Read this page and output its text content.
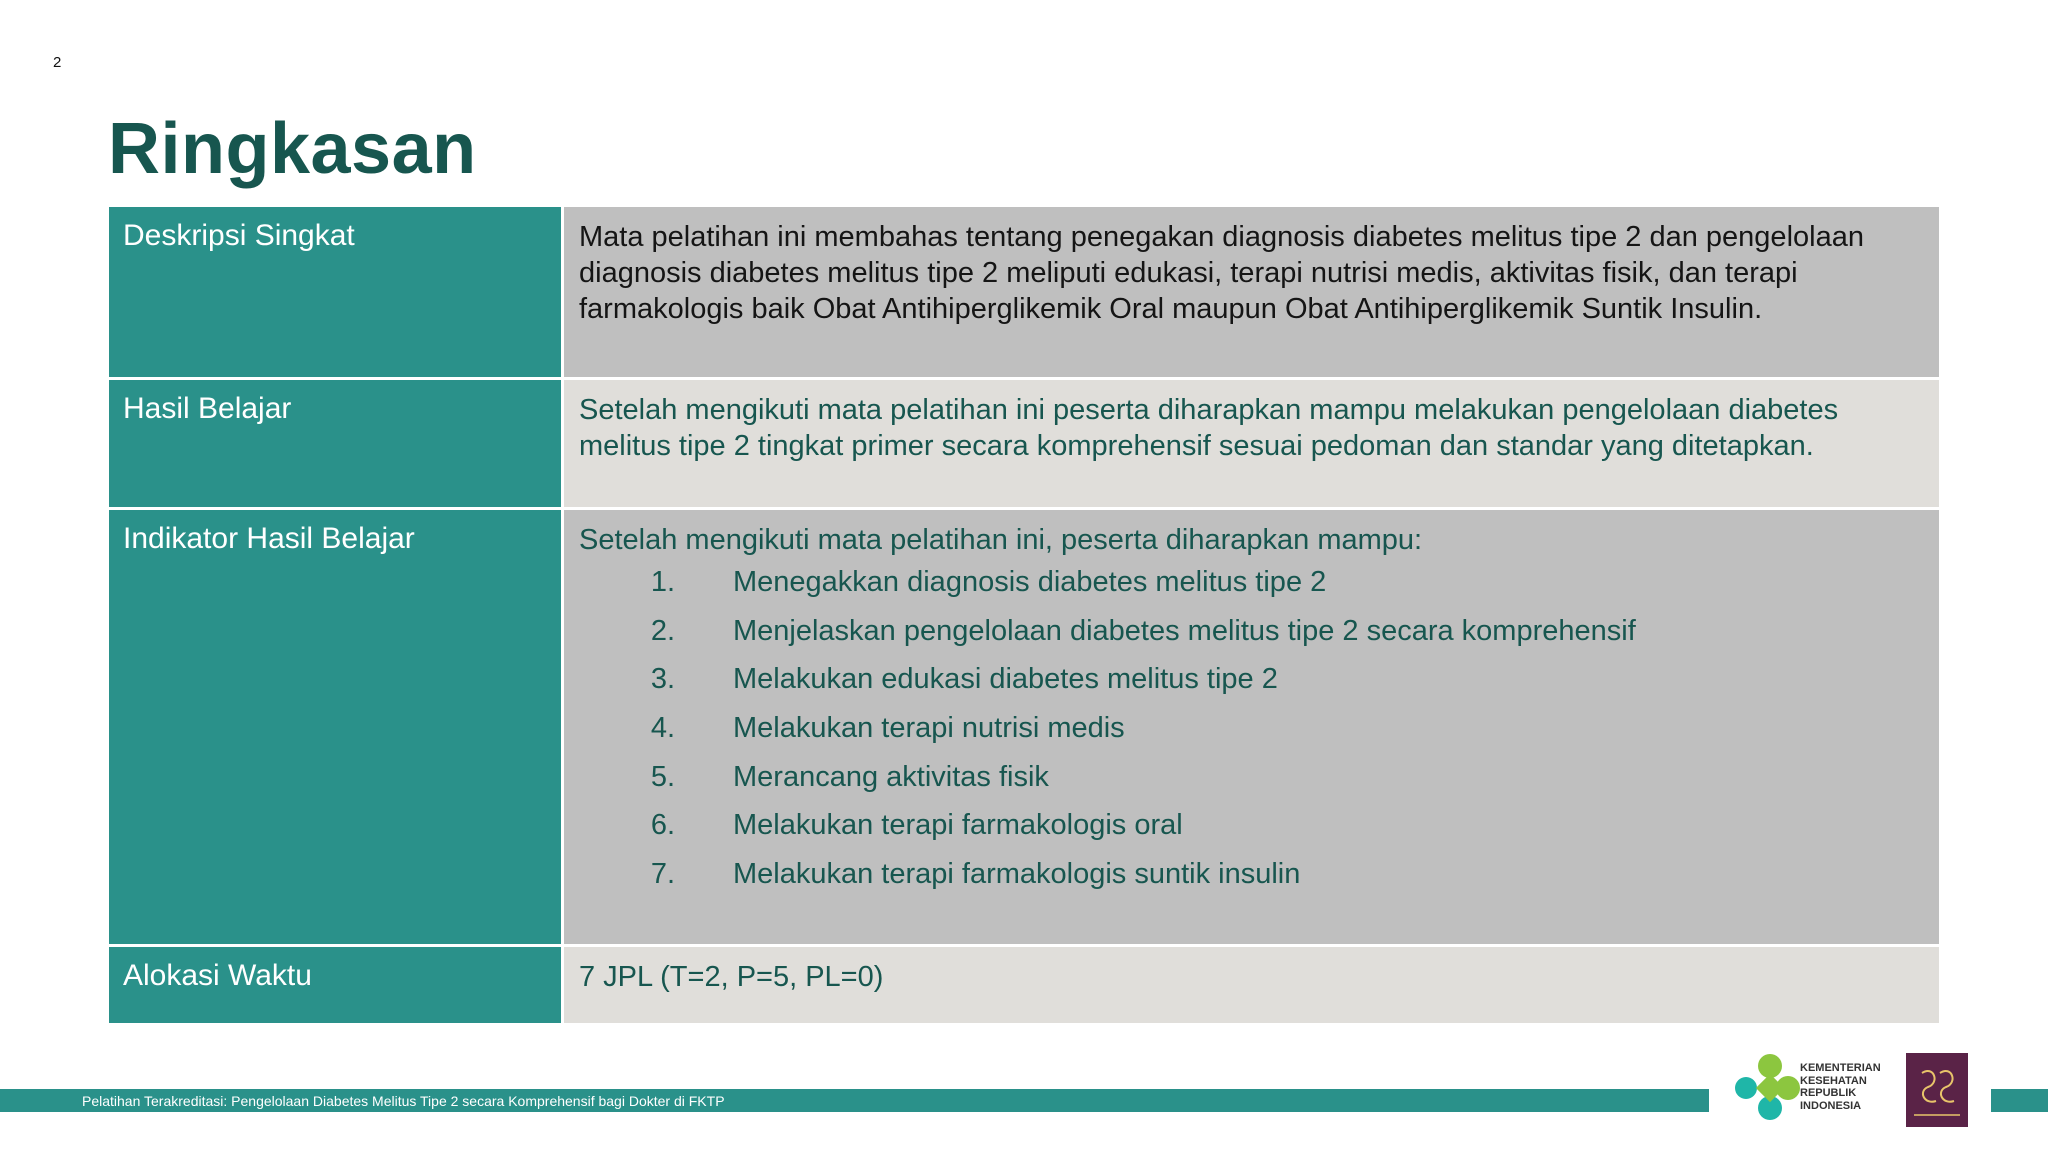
2
Ringkasan
Deskripsi Singkat	Mata pelatihan ini membahas tentang penegakan diagnosis diabetes melitus tipe 2 dan pengelolaan diagnosis diabetes melitus tipe 2 meliputi edukasi, terapi nutrisi medis, aktivitas fisik, dan terapi farmakologis baik Obat Antihiperglikemik Oral maupun Obat Antihiperglikemik Suntik Insulin.
Hasil Belajar	Setelah mengikuti mata pelatihan ini peserta diharapkan mampu melakukan pengelolaan diabetes melitus tipe 2 tingkat primer secara komprehensif sesuai pedoman dan standar yang ditetapkan.
Indikator Hasil Belajar	Setelah mengikuti mata pelatihan ini, peserta diharapkan mampu:
1.	Menegakkan diagnosis diabetes melitus tipe 2
2.	Menjelaskan pengelolaan diabetes melitus tipe 2 secara komprehensif
3.	Melakukan edukasi diabetes melitus tipe 2
4.	Melakukan terapi nutrisi medis
5.	Merancang aktivitas fisik
6.	Melakukan terapi farmakologis oral
7.	Melakukan terapi farmakologis suntik insulin
Alokasi Waktu	7 JPL (T=2, P=5, PL=0)
Pelatihan Terakreditasi: Pengelolaan Diabetes Melitus Tipe 2 secara Komprehensif bagi Dokter di FKTP
KEMENTERIAN
KESEHATAN
REPUBLIK
INDONESIA
